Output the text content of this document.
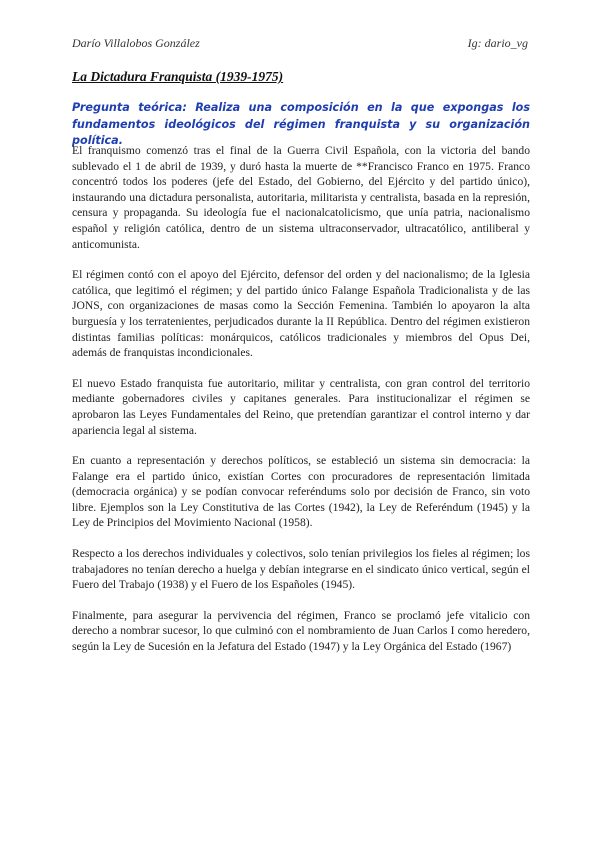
Darío Villalobos González	Ig: dario_vg
La Dictadura Franquista (1939-1975)
Pregunta teórica: Realiza una composición en la que expongas los fundamentos ideológicos del régimen franquista y su organización política.

El franquismo comenzó tras el final de la Guerra Civil Española, con la victoria del bando sublevado el 1 de abril de 1939, y duró hasta la muerte de **Francisco Franco en 1975. Franco concentró todos los poderes (jefe del Estado, del Gobierno, del Ejército y del partido único), instaurando una dictadura personalista, autoritaria, militarista y centralista, basada en la represión, censura y propaganda. Su ideología fue el nacionalcatolicismo, que unía patria, nacionalismo español y religión católica, dentro de un sistema ultraconservador, ultracatólico, antiliberal y anticomunista.

El régimen contó con el apoyo del Ejército, defensor del orden y del nacionalismo; de la Iglesia católica, que legitimó el régimen; y del partido único Falange Española Tradicionalista y de las JONS, con organizaciones de masas como la Sección Femenina. También lo apoyaron la alta burguesía y los terratenientes, perjudicados durante la II República. Dentro del régimen existieron distintas familias políticas: monárquicos, católicos tradicionales y miembros del Opus Dei, además de franquistas incondicionales.

El nuevo Estado franquista fue autoritario, militar y centralista, con gran control del territorio mediante gobernadores civiles y capitanes generales. Para institucionalizar el régimen se aprobaron las Leyes Fundamentales del Reino, que pretendían garantizar el control interno y dar apariencia legal al sistema.

En cuanto a representación y derechos políticos, se estableció un sistema sin democracia: la Falange era el partido único, existían Cortes con procuradores de representación limitada (democracia orgánica) y se podían convocar referéndums solo por decisión de Franco, sin voto libre. Ejemplos son la Ley Constitutiva de las Cortes (1942), la Ley de Referéndum (1945) y la Ley de Principios del Movimiento Nacional (1958).

Respecto a los derechos individuales y colectivos, solo tenían privilegios los fieles al régimen; los trabajadores no tenían derecho a huelga y debían integrarse en el sindicato único vertical, según el Fuero del Trabajo (1938) y el Fuero de los Españoles (1945).

Finalmente, para asegurar la pervivencia del régimen, Franco se proclamó jefe vitalicio con derecho a nombrar sucesor, lo que culminó con el nombramiento de Juan Carlos I como heredero, según la Ley de Sucesión en la Jefatura del Estado (1947) y la Ley Orgánica del Estado (1967)
